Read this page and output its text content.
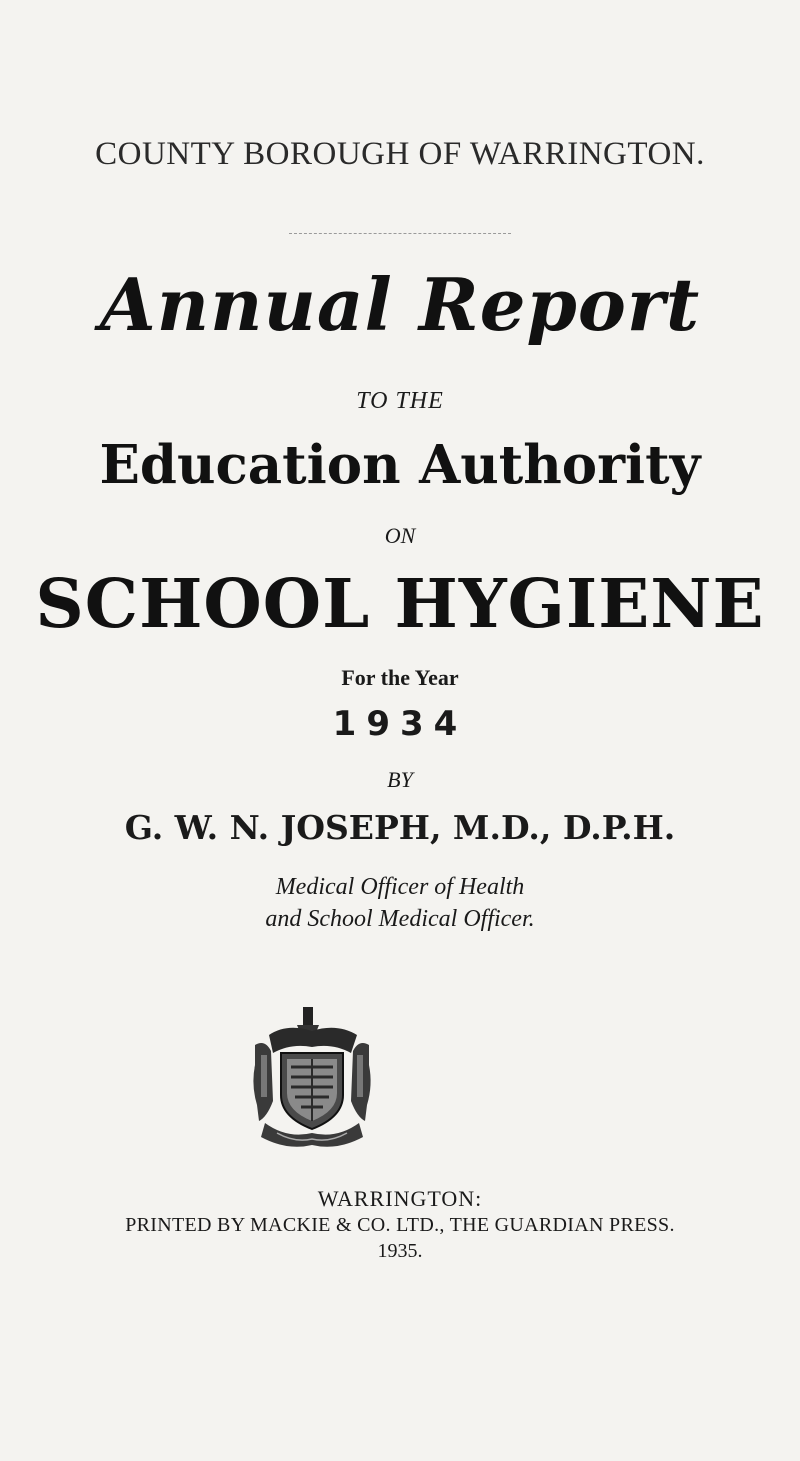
COUNTY BOROUGH OF WARRINGTON.
Annual Report
TO THE
Education Authority
ON
SCHOOL HYGIENE
For the Year
1934
BY
G. W. N. JOSEPH, M.D., D.P.H.
Medical Officer of Health
and School Medical Officer.
WARRINGTON:
PRINTED BY MACKIE & CO. LTD., THE GUARDIAN PRESS.
1935.
